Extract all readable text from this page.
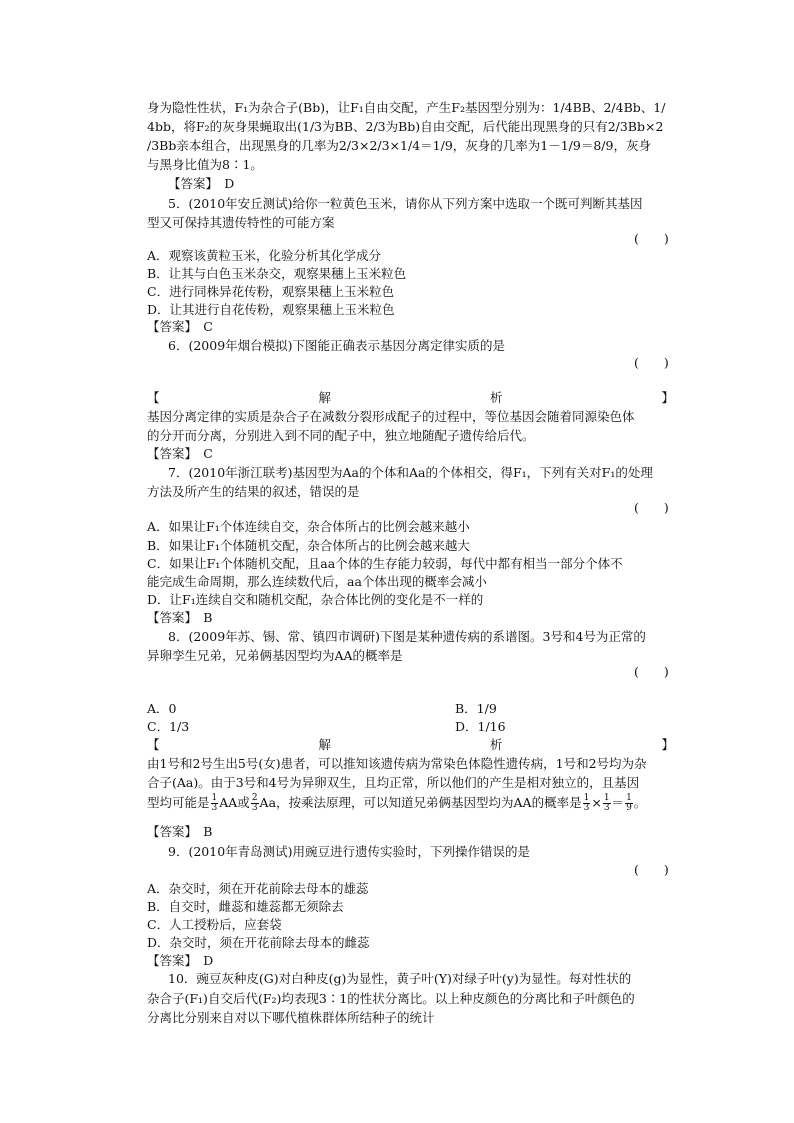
身为隐性性状，F₁为杂合子(Bb)，让F₁自由交配，产生F₂基因型分别为：1/4BB、2/4Bb、1/
4bb，将F₂的灰身果蝇取出(1/3为BB、2/3为Bb)自由交配，后代能出现黑身的只有2/3Bb×2
/3Bb亲本组合，出现黑身的几率为2/3×2/3×1/4＝1/9，灰身的几率为1－1/9＝8/9，灰身
与黑身比值为8∶1。
【答案】　D
5．(2010年安丘测试)给你一粒黄色玉米，请你从下列方案中选取一个既可判断其基因
型又可保持其遗传特性的可能方案
(　　)
A．观察该黄粒玉米，化验分析其化学成分
B．让其与白色玉米杂交，观察果穗上玉米粒色
C．进行同株异花传粉，观察果穗上玉米粒色
D．让其进行自花传粉，观察果穗上玉米粒色
【答案】　C
6．(2009年烟台模拟)下图能正确表示基因分离定律实质的是
(　　)
【	解	析	】
基因分离定律的实质是杂合子在减数分裂形成配子的过程中，等位基因会随着同源染色体
的分开而分离，分别进入到不同的配子中，独立地随配子遗传给后代。
【答案】　C
7．(2010年浙江联考)基因型为Aa的个体和Aa的个体相交，得F₁，下列有关对F₁的处理
方法及所产生的结果的叙述，错误的是
(　　)
A．如果让F₁个体连续自交，杂合体所占的比例会越来越小
B．如果让F₁个体随机交配，杂合体所占的比例会越来越大
C．如果让F₁个体随机交配，且aa个体的生存能力较弱，每代中都有相当一部分个体不
能完成生命周期，那么连续数代后，aa个体出现的概率会减小
D．让F₁连续自交和随机交配，杂合体比例的变化是不一样的
【答案】　B
8．(2009年苏、锡、常、镇四市调研)下图是某种遗传病的系谱图。3号和4号为正常的
异卵孪生兄弟，兄弟俩基因型均为AA的概率是
(　　)
A．0	B．1/9
C．1/3	D．1/16
【	解	析	】
由1号和2号生出5号(女)患者，可以推知该遗传病为常染色体隐性遗传病，1号和2号均为杂
合子(Aa)。由于3号和4号为异卵双生，且均正常，所以他们的产生是相对独立的，且基因
型均可能是 $\frac{1}{3}$ AA或 $\frac{2}{3}$ Aa，按乘法原理，可以知道兄弟俩基因型均为AA的概率是 $\frac{1}{3} \times \frac{1}{3} = \frac{1}{9}$ 。
【答案】　B
9．(2010年青岛测试)用豌豆进行遗传实验时，下列操作错误的是
(　　)
A．杂交时，须在开花前除去母本的雄蕊
B．自交时，雌蕊和雄蕊都无须除去
C．人工授粉后，应套袋
D．杂交时，须在开花前除去母本的雌蕊
【答案】　D
10．豌豆灰种皮(G)对白种皮(g)为显性，黄子叶(Y)对绿子叶(y)为显性。每对性状的
杂合子(F₁)自交后代(F₂)均表现3∶1的性状分离比。以上种皮颜色的分离比和子叶颜色的
分离比分别来自对以下哪代植株群体所结种子的统计
